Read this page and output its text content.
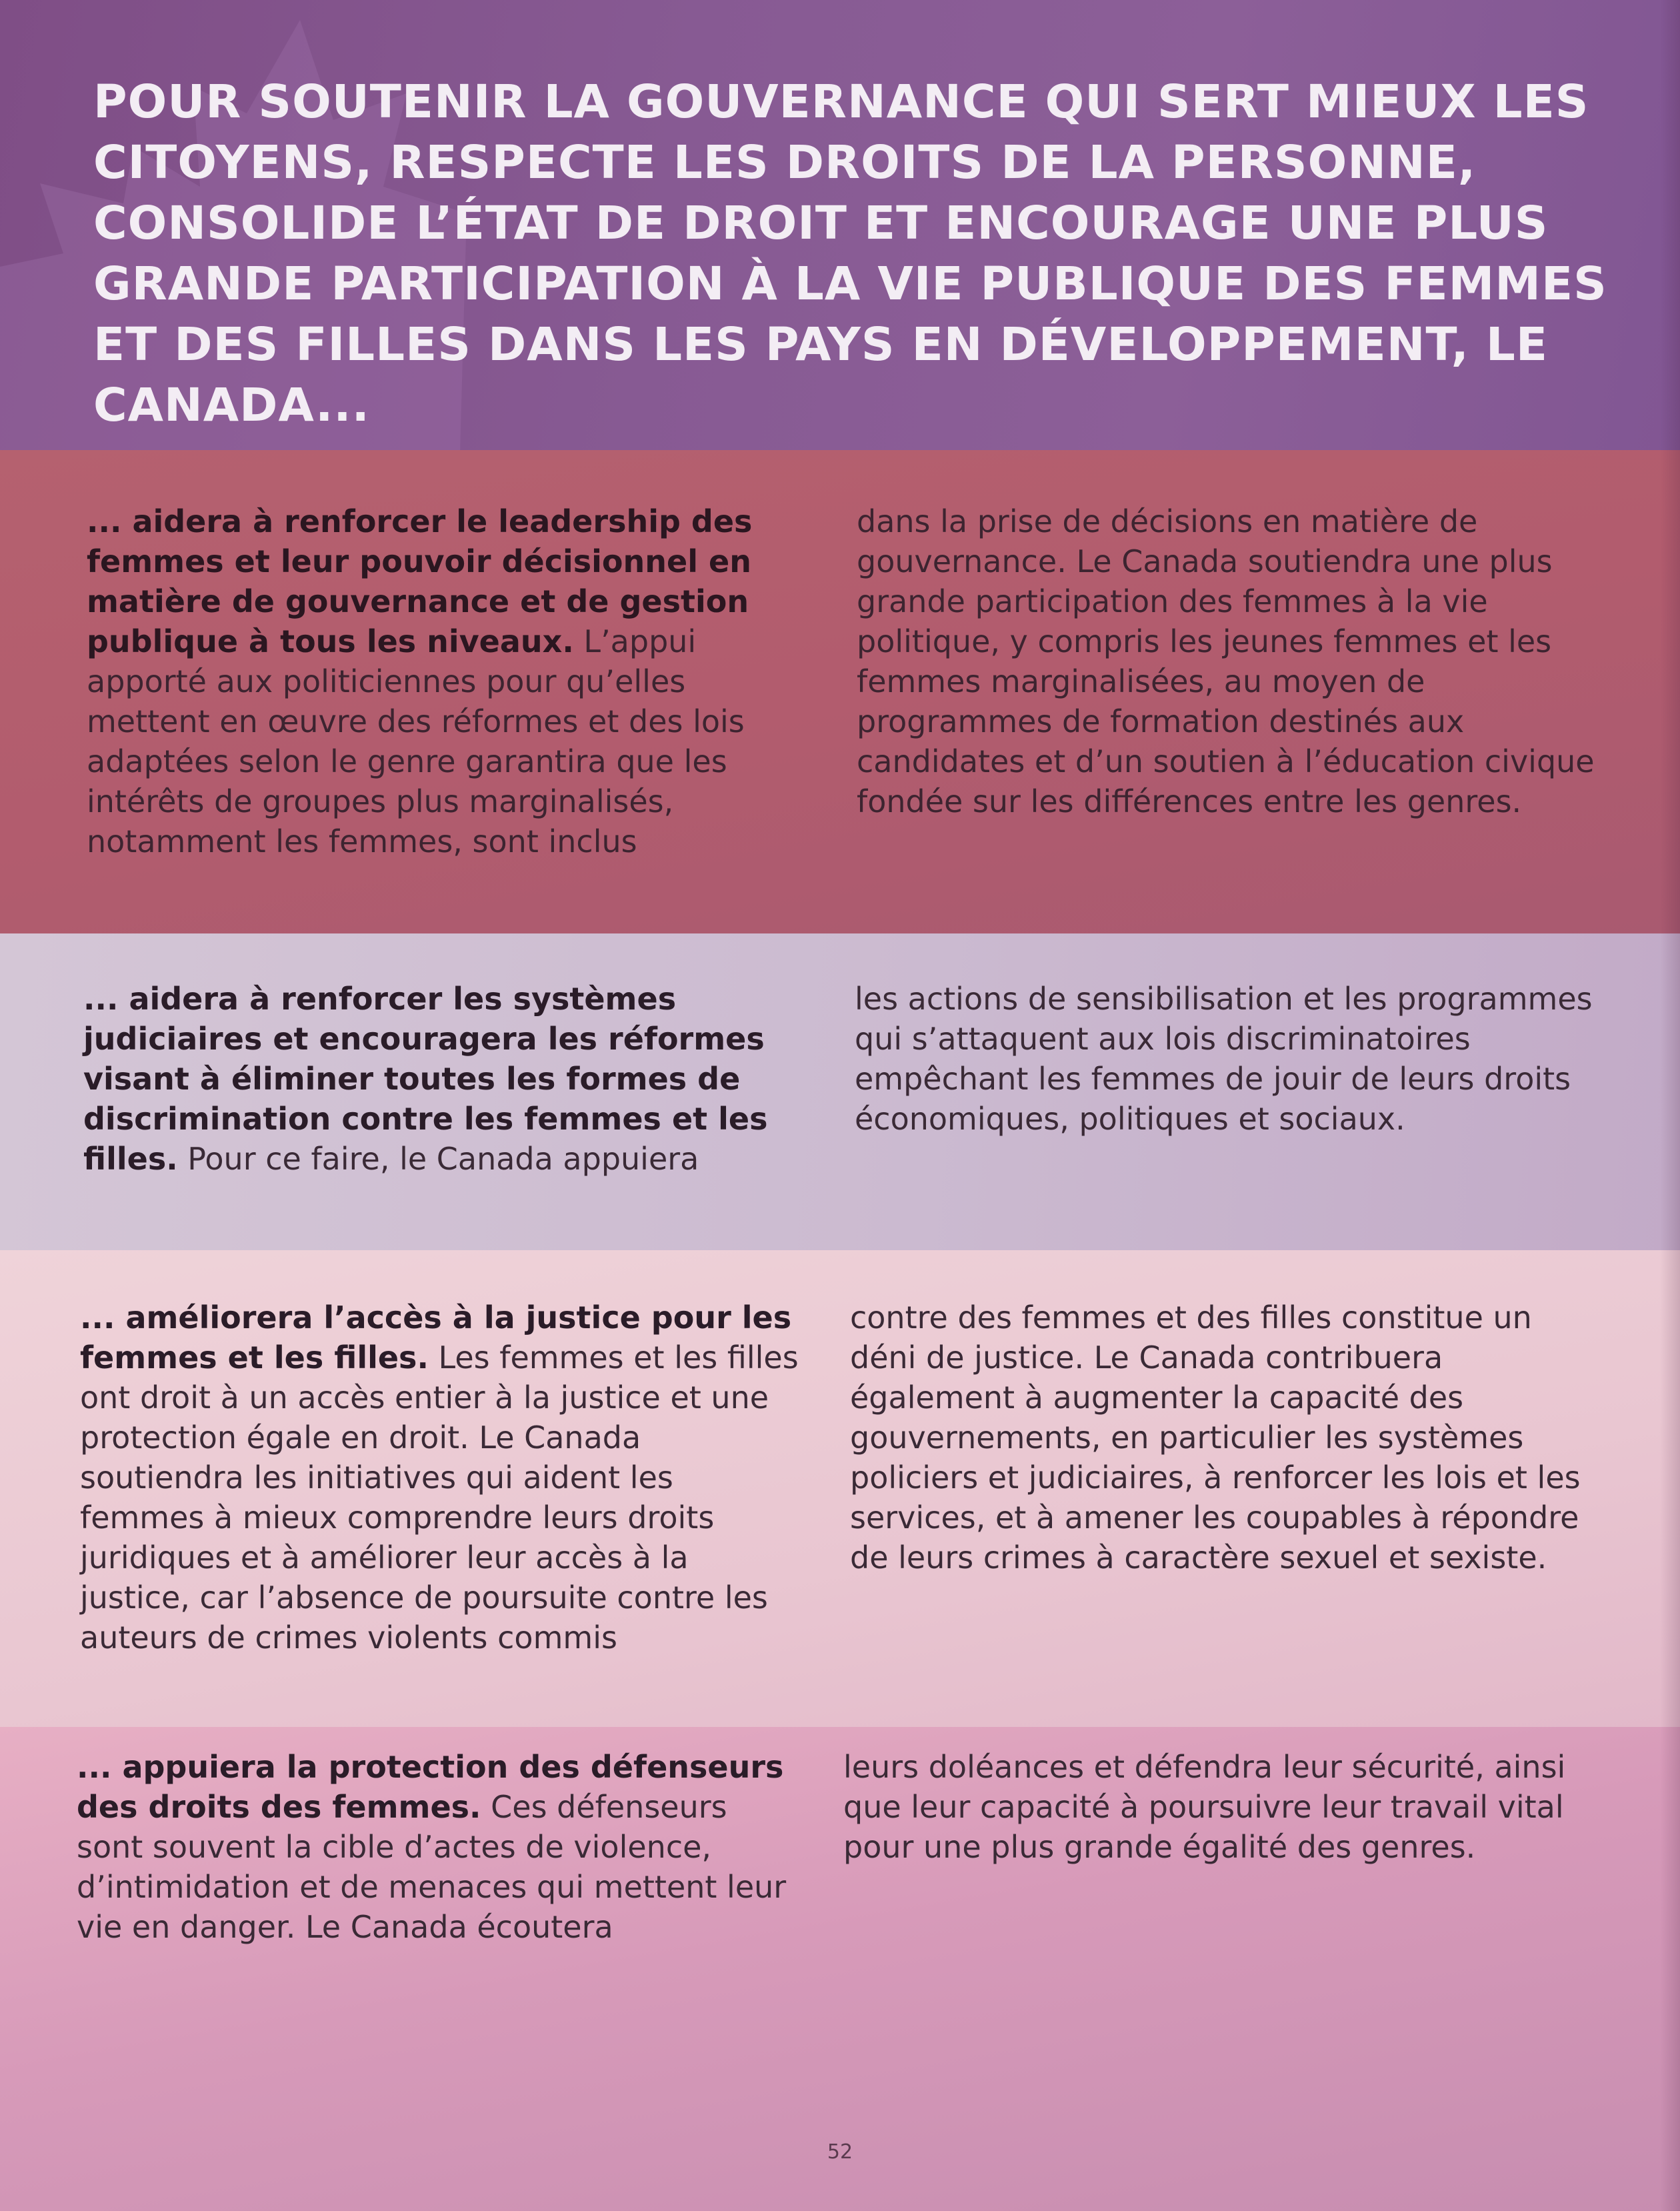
POUR SOUTENIR LA GOUVERNANCE QUI SERT MIEUX LES CITOYENS, RESPECTE LES DROITS DE LA PERSONNE, CONSOLIDE L’ÉTAT DE DROIT ET ENCOURAGE UNE PLUS GRANDE PARTICIPATION À LA VIE PUBLIQUE DES FEMMES ET DES FILLES DANS LES PAYS EN DÉVELOPPEMENT, LE CANADA...
... aidera à renforcer le leadership des femmes et leur pouvoir décisionnel en matière de gouvernance et de gestion publique à tous les niveaux. L’appui apporté aux politiciennes pour qu’elles mettent en œuvre des réformes et des lois adaptées selon le genre garantira que les intérêts de groupes plus marginalisés, notamment les femmes, sont inclus
dans la prise de décisions en matière de gouvernance. Le Canada soutiendra une plus grande participation des femmes à la vie politique, y compris les jeunes femmes et les femmes marginalisées, au moyen de programmes de formation destinés aux candidates et d’un soutien à l’éducation civique fondée sur les différences entre les genres.
... aidera à renforcer les systèmes judiciaires et encouragera les réformes visant à éliminer toutes les formes de discrimination contre les femmes et les filles. Pour ce faire, le Canada appuiera
les actions de sensibilisation et les programmes qui s’attaquent aux lois discriminatoires empêchant les femmes de jouir de leurs droits économiques, politiques et sociaux.
... améliorera l’accès à la justice pour les femmes et les filles. Les femmes et les filles ont droit à un accès entier à la justice et une protection égale en droit. Le Canada soutiendra les initiatives qui aident les femmes à mieux comprendre leurs droits juridiques et à améliorer leur accès à la justice, car l’absence de poursuite contre les auteurs de crimes violents commis
contre des femmes et des filles constitue un déni de justice. Le Canada contribuera également à augmenter la capacité des gouvernements, en particulier les systèmes policiers et judiciaires, à renforcer les lois et les services, et à amener les coupables à répondre de leurs crimes à caractère sexuel et sexiste.
... appuiera la protection des défenseurs des droits des femmes. Ces défenseurs sont souvent la cible d’actes de violence, d’intimidation et de menaces qui mettent leur vie en danger. Le Canada écoutera
leurs doléances et défendra leur sécurité, ainsi que leur capacité à poursuivre leur travail vital pour une plus grande égalité des genres.
52
